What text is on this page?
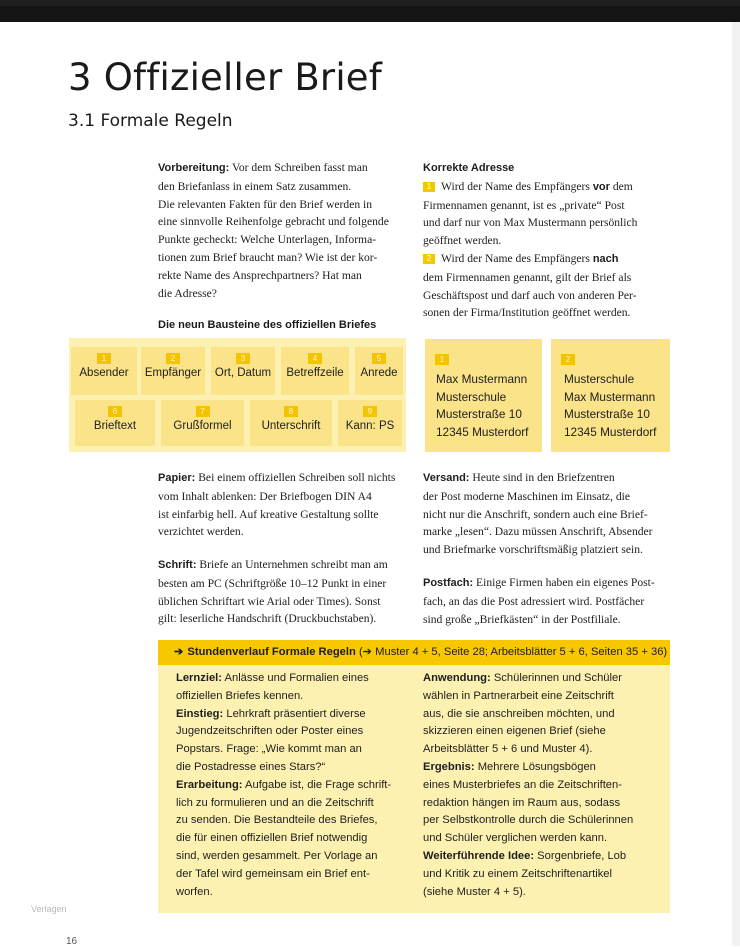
3 Offizieller Brief
3.1 Formale Regeln

Vorbereitung: Vor dem Schreiben fasst man

den Briefanlass in einem Satz zusammen.

Die relevanten Fakten für den Brief werden in

eine sinnvolle Reihenfolge gebracht und folgende

Punkte gecheckt: Welche Unterlagen, Informa-

tionen zum Brief braucht man? Wie ist der kor-

rekte Name des Ansprechpartners? Hat man

die Adresse?

Korrekte Adresse

1 Wird der Name des Empfängers vor dem

Firmennamen genannt, ist es „private“ Post

und darf nur von Max Mustermann persönlich

geöffnet werden.

2 Wird der Name des Empfängers nach

dem Firmennamen genannt, gilt der Brief als

Geschäftspost und darf auch von anderen Per-

sonen der Firma/Institution geöffnet werden.

Die neun Bausteine des offiziellen Briefes
1
Absender
2
Empfänger
3
Ort, Datum
4
Betreffzeile
5
Anrede
6
Brieftext
7
Grußformel
8
Unterschrift
9
Kann: PS
1
Max Mustermann
Musterschule
Musterstraße 10
12345 Musterdorf
2
Musterschule
Max Mustermann
Musterstraße 10
12345 Musterdorf

Papier: Bei einem offiziellen Schreiben soll nichts

vom Inhalt ablenken: Der Briefbogen DIN A4

ist einfarbig hell. Auf kreative Gestaltung sollte

verzichtet werden.

Schrift: Briefe an Unternehmen schreibt man am

besten am PC (Schriftgröße 10–12 Punkt in einer

üblichen Schriftart wie Arial oder Times). Sonst

gilt: leserliche Handschrift (Druckbuchstaben).

Versand: Heute sind in den Briefzentren

der Post moderne Maschinen im Einsatz, die

nicht nur die Anschrift, sondern auch eine Brief-

marke „lesen“. Dazu müssen Anschrift, Absender

und Briefmarke vorschriftsmäßig platziert sein.

Postfach: Einige Firmen haben ein eigenes Post-

fach, an das die Post adressiert wird. Postfächer

sind große „Briefkästen“ in der Postfiliale.

➔ Stundenverlauf Formale Regeln (➔ Muster 4 + 5, Seite 28; Arbeitsblätter 5 + 6, Seiten 35 + 36)

Lernziel: Anlässe und Formalien eines

offiziellen Briefes kennen.

Einstieg: Lehrkraft präsentiert diverse

Jugendzeitschriften oder Poster eines

Popstars. Frage: „Wie kommt man an

die Postadresse eines Stars?“

Erarbeitung: Aufgabe ist, die Frage schrift-

lich zu formulieren und an die Zeitschrift

zu senden. Die Bestandteile des Briefes,

die für einen offiziellen Brief notwendig

sind, werden gesammelt. Per Vorlage an

der Tafel wird gemeinsam ein Brief ent-

worfen.

Anwendung: Schülerinnen und Schüler

wählen in Partnerarbeit eine Zeitschrift

aus, die sie anschreiben möchten, und

skizzieren einen eigenen Brief (siehe

Arbeitsblätter 5 + 6 und Muster 4).

Ergebnis: Mehrere Lösungsbögen

eines Musterbriefes an die Zeitschriften-

redaktion hängen im Raum aus, sodass

per Selbstkontrolle durch die Schülerinnen

und Schüler verglichen werden kann.

Weiterführende Idee: Sorgenbriefe, Lob

und Kritik zu einem Zeitschriftenartikel

(siehe Muster 4 + 5).

Verlagen
16
